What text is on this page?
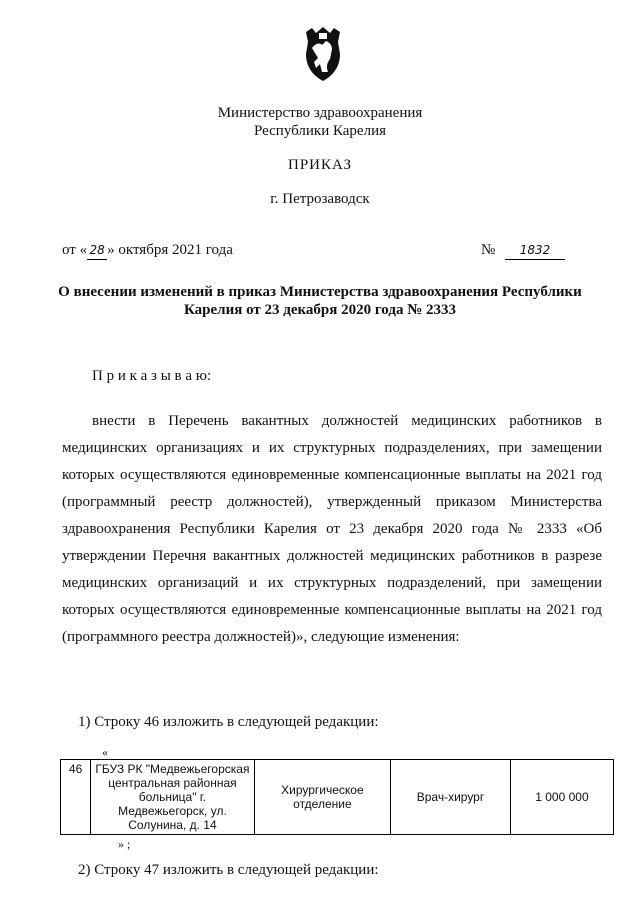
Министерство здравоохранения
Республики Карелия
ПРИКАЗ
г. Петрозаводск
от « 28 » октября 2021 года	№ 1832
О внесении изменений в приказ Министерства здравоохранения Республики
Карелия от 23 декабря 2020 года № 2333
П р и к а з ы в а ю:

внести в Перечень вакантных должностей медицинских работников в

медицинских организациях и их структурных подразделениях, при замещении

которых осуществляются единовременные компенсационные выплаты на 2021 год

(программный реестр должностей), утвержденный приказом Министерства

здравоохранения Республики Карелия от 23 декабря 2020 года № 2333 «Об

утверждении Перечня вакантных должностей медицинских работников в разрезе

медицинских организаций и их структурных подразделений, при замещении

которых осуществляются единовременные компенсационные выплаты на 2021 год

(программного реестра должностей)», следующие изменения:

1) Строку 46 изложить в следующей редакции:
«
46	ГБУЗ РК "Медвежьегорская центральная районная больница" г. Медвежьегорск, ул. Солунина, д. 14	Хирургическое отделение	Врач-хирург	1 000 000
» ;
2) Строку 47 изложить в следующей редакции:
